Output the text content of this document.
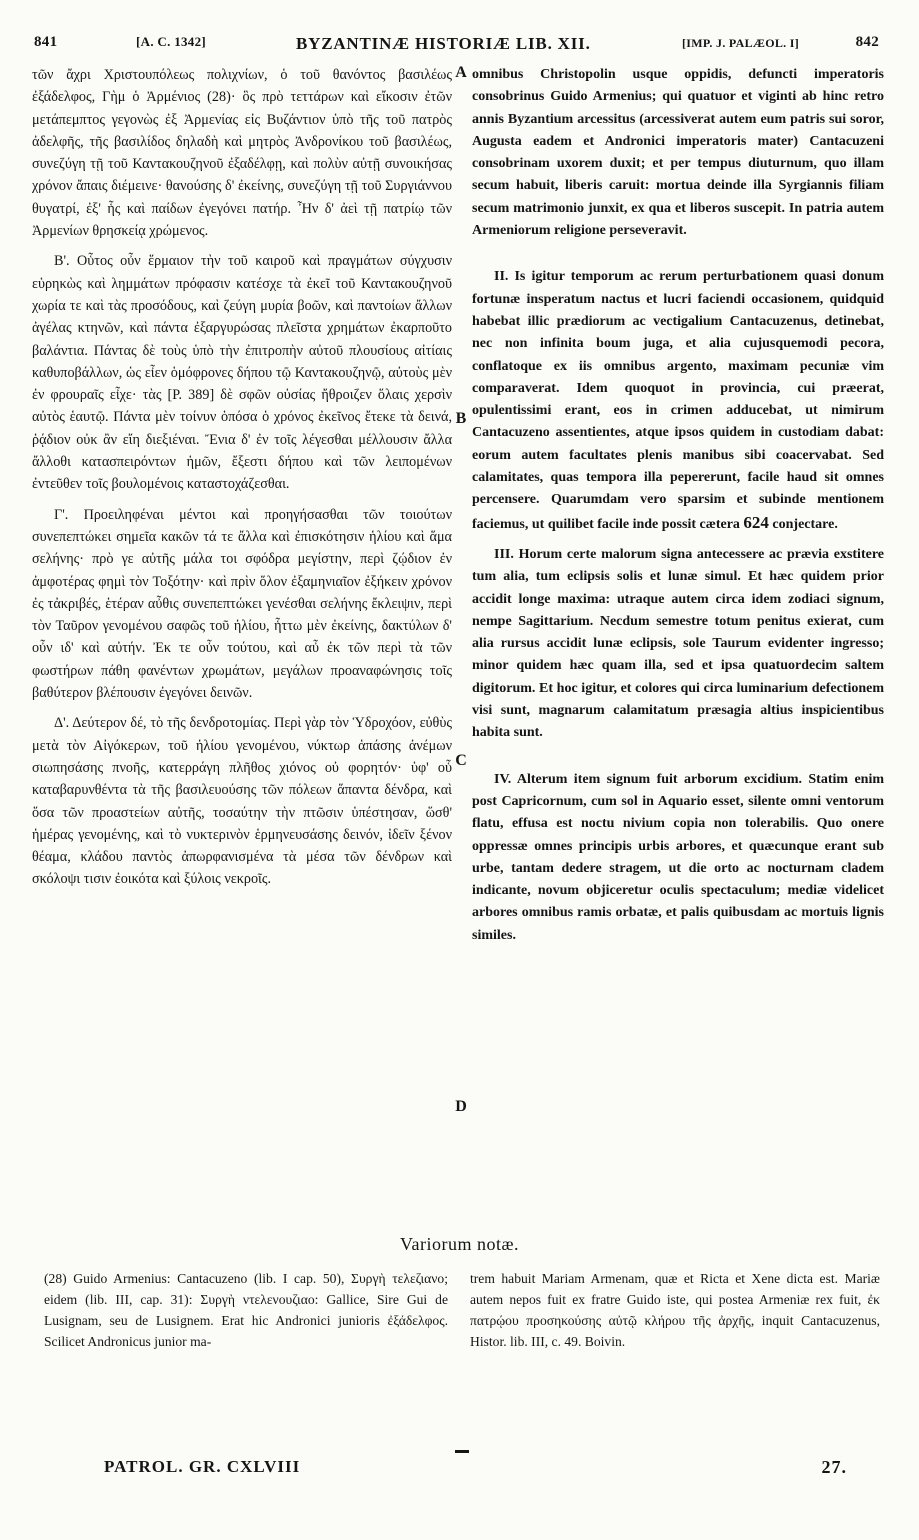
841	[A. C. 1342]	BYZANTINÆ HISTORIÆ LIB. XII.	[IMP. J. PALÆOL. I]	842

τῶν ἄχρι Χριστουπόλεως πολιχνίων, ὁ τοῦ θανόντος βασιλέως ἐξάδελφος, Γὴμ ὁ Ἀρμένιος (28)· ὃς πρὸ τεττάρων καὶ εἴκοσιν ἐτῶν μετάπεμπτος γεγονὼς ἐξ Ἀρμενίας εἰς Βυζάντιον ὑπὸ τῆς τοῦ πατρὸς ἀδελφῆς, τῆς βασιλίδος δηλαδὴ καὶ μητρὸς Ἀνδρονίκου τοῦ βασιλέως, συνεζύγη τῇ τοῦ Καντακουζηνοῦ ἐξαδέλφῃ, καὶ πολὺν αὐτῇ συνοικήσας χρόνον ἄπαις διέμεινε· θανούσης δ' ἐκείνης, συνεζύγη τῇ τοῦ Συργιάννου θυγατρί, ἐξ' ἧς καὶ παίδων ἐγεγόνει πατήρ. Ἦν δ' ἀεὶ τῇ πατρίῳ τῶν Ἀρμενίων θρησκείᾳ χρώμενος.

Β'. Οὗτος οὖν ἕρμαιον τὴν τοῦ καιροῦ καὶ πραγμάτων σύγχυσιν εὑρηκὼς καὶ λημμάτων πρόφασιν κατέσχε τὰ ἐκεῖ τοῦ Καντακουζηνοῦ χωρία τε καὶ τὰς προσόδους, καὶ ζεύγη μυρία βοῶν, καὶ παντοίων ἄλλων ἀγέλας κτηνῶν, καὶ πάντα ἐξαργυρώσας πλεῖστα χρημάτων ἐκαρποῦτο βαλάντια. Πάντας δὲ τοὺς ὑπὸ τὴν ἐπιτροπὴν αὐτοῦ πλουσίους αἰτίαις καθυποβάλλων, ὡς εἶεν ὁμόφρονες δήπου τῷ Καντακουζηνῷ, αὐτοὺς μὲν ἐν φρουραῖς εἶχε· τὰς [P. 389] δὲ σφῶν οὐσίας ἤθροιζεν ὅλαις χερσὶν αὐτὸς ἑαυτῷ. Πάντα μὲν τοίνυν ὁπόσα ὁ χρόνος ἐκεῖνος ἔτεκε τὰ δεινά, ῥᾴδιον οὐκ ἂν εἴη διεξιέναι. Ἔνια δ' ἐν τοῖς λέγεσθαι μέλλουσιν ἄλλα ἄλλοθι κατασπειρόντων ἡμῶν, ἔξεστι δήπου καὶ τῶν λειπομένων ἐντεῦθεν τοῖς βουλομένοις καταστοχάζεσθαι.

Γ'. Προειληφέναι μέντοι καὶ προηγήσασθαι τῶν τοιούτων συνεπεπτώκει σημεῖα κακῶν τά τε ἄλλα καὶ ἐπισκότησιν ἡλίου καὶ ἅμα σελήνης· πρὸ γε αὐτῆς μάλα τοι σφόδρα μεγίστην, περὶ ζῴδιον ἐν ἀμφοτέρας φημὶ τὸν Τοξότην· καὶ πρὶν ὅλον ἐξαμηνιαῖον ἐξήκειν χρόνον ἐς τἀκριβές, ἑτέραν αὖθις συνεπεπτώκει γενέσθαι σελήνης ἔκλειψιν, περὶ τὸν Ταῦρον γενομένου σαφῶς τοῦ ἡλίου, ἧττω μὲν ἐκείνης, δακτύλων δ' οὖν ιδ' καὶ αὐτήν. Ἐκ τε οὖν τούτου, καὶ αὖ ἐκ τῶν περὶ τὰ τῶν φωστήρων πάθη φανέντων χρωμάτων, μεγάλων προαναφώνησις τοῖς βαθύτερον βλέπουσιν ἐγεγόνει δεινῶν.

Δ'. Δεύτερον δέ, τὸ τῆς δενδροτομίας. Περὶ γὰρ τὸν Ὑδροχόον, εὐθὺς μετὰ τὸν Αἰγόκερων, τοῦ ἡλίου γενομένου, νύκτωρ ἁπάσης ἀνέμων σιωπησάσης πνοῆς, κατερράγη πλῆθος χιόνος οὐ φορητόν· ὑφ' οὗ καταβαρυνθέντα τὰ τῆς βασιλευούσης τῶν πόλεων ἅπαντα δένδρα, καὶ ὅσα τῶν προαστείων αὐτῆς, τοσαύτην τὴν πτῶσιν ὑπέστησαν, ὥσθ' ἡμέρας γενομένης, καὶ τὸ νυκτερινὸν ἑρμηνευσάσης δεινόν, ἰδεῖν ξένον θέαμα, κλάδου παντὸς ἀπωρφανισμένα τὰ μέσα τῶν δένδρων καὶ σκόλοψι τισιν ἐοικότα καὶ ξύλοις νεκροῖς.

A
B
C
D

omnibus Christopolin usque oppidis, defuncti imperatoris consobrinus Guido Armenius; qui quatuor et viginti ab hinc retro annis Byzantium arcessitus (arcessiverat autem eum patris sui soror, Augusta eadem et Andronici imperatoris mater) Cantacuzeni consobrinam uxorem duxit; et per tempus diuturnum, quo illam secum habuit, liberis caruit: mortua deinde illa Syrgiannis filiam secum matrimonio junxit, ex qua et liberos suscepit. In patria autem Armeniorum religione perseveravit.

II. Is igitur temporum ac rerum perturbationem quasi donum fortunæ insperatum nactus et lucri faciendi occasionem, quidquid habebat illic prædiorum ac vectigalium Cantacuzenus, detinebat, nec non infinita boum juga, et alia cujusquemodi pecora, conflatoque ex iis omnibus argento, maximam pecuniæ vim comparaverat. Idem quoquot in provincia, cui præerat, opulentissimi erant, eos in crimen adducebat, ut nimirum Cantacuzeno assentientes, atque ipsos quidem in custodiam dabat: eorum autem facultates plenis manibus sibi coacervabat. Sed calamitates, quas tempora illa pepererunt, facile haud sit omnes percensere. Quarumdam vero sparsim et subinde mentionem faciemus, ut quilibet facile inde possit cætera 624 conjectare.

III. Horum certe malorum signa antecessere ac prævia exstitere tum alia, tum eclipsis solis et lunæ simul. Et hæc quidem prior accidit longe maxima: utraque autem circa idem zodiaci signum, nempe Sagittarium. Necdum semestre totum penitus exierat, cum alia rursus accidit lunæ eclipsis, sole Taurum evidenter ingresso; minor quidem hæc quam illa, sed et ipsa quatuordecim saltem digitorum. Et hoc igitur, et colores qui circa luminarium defectionem visi sunt, magnarum calamitatum præsagia altius inspicientibus habita sunt.

IV. Alterum item signum fuit arborum excidium. Statim enim post Capricornum, cum sol in Aquario esset, silente omni ventorum flatu, effusa est noctu nivium copia non tolerabilis. Quo onere oppressæ omnes principis urbis arbores, et quæcunque erant sub urbe, tantam dedere stragem, ut die orto ac nocturnam cladem indicante, novum objiceretur oculis spectaculum; mediæ videlicet arbores omnibus ramis orbatæ, et palis quibusdam ac mortuis lignis similes.

Variorum notæ.
(28) Guido Armenius: Cantacuzeno (lib. I cap. 50), Συργὴ τελεζιανο; eidem (lib. III, cap. 31): Συργὴ ντελενουζιαο: Gallice, Sire Gui de Lusignam, seu de Lusignem. Erat hic Andronici junioris ἐξάδελφος. Scilicet Andronicus junior ma-
trem habuit Mariam Armenam, quæ et Ricta et Xene dicta est. Mariæ autem nepos fuit ex fratre Guido iste, qui postea Armeniæ rex fuit, ἐκ πατρῴου προσηκούσης αὐτῷ κλήρου τῆς ἀρχῆς, inquit Cantacuzenus, Histor. lib. III, c. 49. Boivin.
PATROL. GR. CXLVIII	27.
